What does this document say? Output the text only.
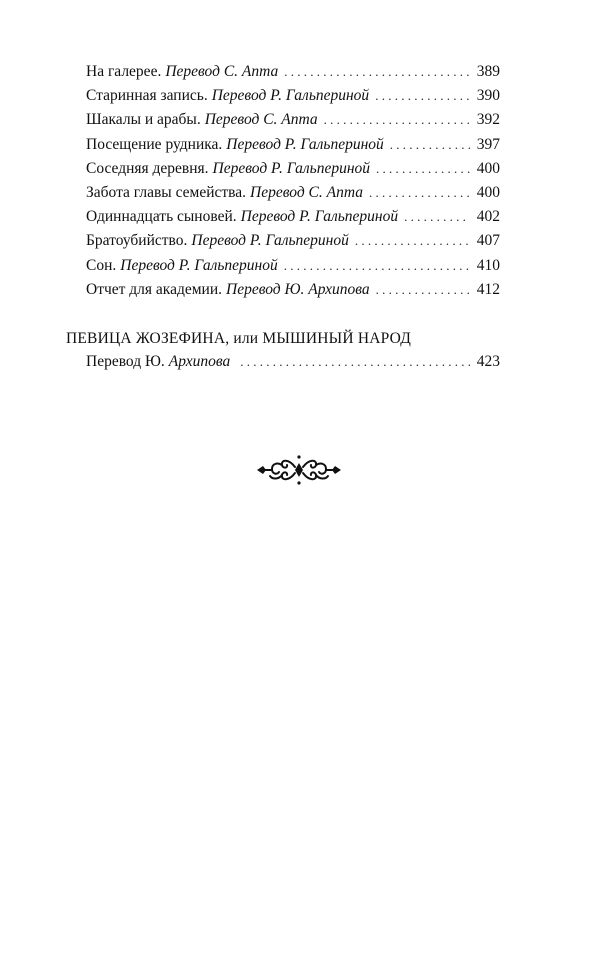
На галерее. Перевод С. Апта . . .	389
Старинная запись. Перевод Р. Гальпериной . . .	390
Шакалы и арабы. Перевод С. Апта . . .	392
Посещение рудника. Перевод Р. Гальпериной . . .	397
Соседняя деревня. Перевод Р. Гальпериной . . .	400
Забота главы семейства. Перевод С. Апта . . .	400
Одиннадцать сыновей. Перевод Р. Гальпериной . . .	402
Братоубийство. Перевод Р. Гальпериной . . .	407
Сон. Перевод Р. Гальпериной . . .	410
Отчет для академии. Перевод Ю. Архипова . . .	412
ПЕВИЦА ЖОЗЕФИНА, или МЫШИНЫЙ НАРОД
Перевод Ю. Архипова . . .	423
